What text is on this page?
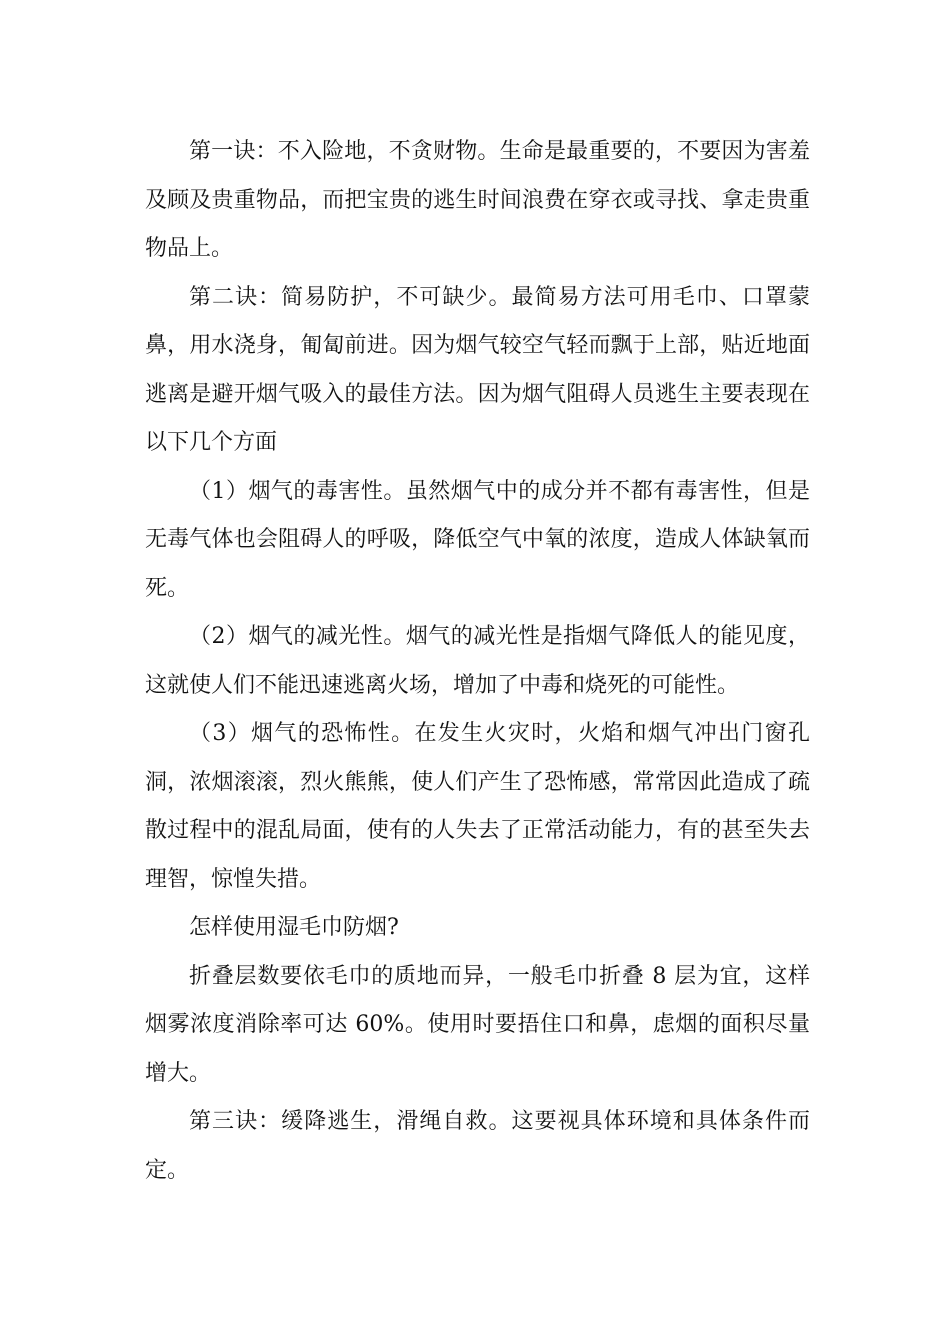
第一诀：不入险地，不贪财物。生命是最重要的，不要因为害羞及顾及贵重物品，而把宝贵的逃生时间浪费在穿衣或寻找、拿走贵重物品上。

第二诀：简易防护，不可缺少。最简易方法可用毛巾、口罩蒙鼻，用水浇身，匍匐前进。因为烟气较空气轻而飘于上部，贴近地面逃离是避开烟气吸入的最佳方法。因为烟气阻碍人员逃生主要表现在以下几个方面

（1）烟气的毒害性。虽然烟气中的成分并不都有毒害性，但是无毒气体也会阻碍人的呼吸，降低空气中氧的浓度，造成人体缺氧而死。

（2）烟气的减光性。烟气的减光性是指烟气降低人的能见度，这就使人们不能迅速逃离火场，增加了中毒和烧死的可能性。

（3）烟气的恐怖性。在发生火灾时，火焰和烟气冲出门窗孔洞，浓烟滚滚，烈火熊熊，使人们产生了恐怖感，常常因此造成了疏散过程中的混乱局面，使有的人失去了正常活动能力，有的甚至失去理智，惊惶失措。

怎样使用湿毛巾防烟?

折叠层数要依毛巾的质地而异，一般毛巾折叠 8 层为宜，这样烟雾浓度消除率可达 60%。使用时要捂住口和鼻，虑烟的面积尽量增大。

第三诀：缓降逃生，滑绳自救。这要视具体环境和具体条件而定。
